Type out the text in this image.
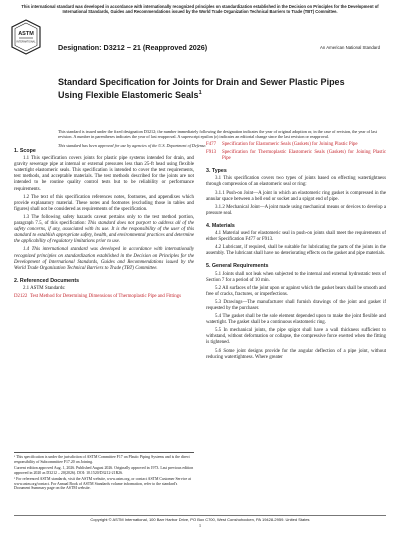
This international standard was developed in accordance with internationally recognized principles on standardization established in the Decision on Principles for the Development of International Standards, Guides and Recommendations issued by the World Trade Organization Technical Barriers to Trade (TBT) Committee.
ASTM
INTERNATIONAL
Designation: D3212 − 21 (Reapproved 2026)	An American National Standard
Standard Specification for Joints for Drain and Sewer Plastic Pipes Using Flexible Elastomeric Seals$^1$

This standard is issued under the fixed designation D3212; the number immediately following the designation indicates the year of original adoption or, in the case of revision, the year of last revision. A number in parentheses indicates the year of last reapproval. A superscript epsilon (ε) indicates an editorial change since the last revision or reapproval.

This standard has been approved for use by agencies of the U.S. Department of Defense.

1. Scope

1.1 This specification covers joints for plastic pipe systems intended for drain, and gravity sewerage pipe at internal or external pressures less than 25-ft head using flexible watertight elastomeric seals. This specification is intended to cover the test requirements, test methods, and acceptable materials. The test methods described for the joints are not intended to be routine quality control tests but to be reliability or performance requirements.

1.2 The text of this specification references notes, footnotes, and appendixes which provide explanatory material. These notes and footnotes (excluding those in tables and figures) shall not be considered as requirements of the specification.

1.3 The following safety hazards caveat pertains only to the test method portion, paragraph 7.5, of this specification: This standard does not purport to address all of the safety concerns, if any, associated with its use. It is the responsibility of the user of this standard to establish appropriate safety, health, and environmental practices and determine the applicability of regulatory limitations prior to use.

1.4 This international standard was developed in accordance with internationally recognized principles on standardization established in the Decision on Principles for the Development of International Standards, Guides and Recommendations issued by the World Trade Organization Technical Barriers to Trade (TBT) Committee.

2. Referenced Documents

2.1 ASTM Standards:

D2122 Test Method for Determining Dimensions of Thermoplastic Pipe and Fittings

¹ This specification is under the jurisdiction of ASTM Committee F17 on Plastic Piping Systems and is the direct responsibility of Subcommittee F17.20 on Joining.

Current edition approved Aug. 1, 2026. Published August 2026. Originally approved in 1973. Last previous edition approved in 2020 as D3212 – 20(2026). DOI: 10.1520/D3212-21R26.

² For referenced ASTM standards, visit the ASTM website, www.astm.org, or contact ASTM Customer Service at www.astm.org/contact. For Annual Book of ASTM Standards volume information, refer to the standard's Document Summary page on the ASTM website.

F477 Specification for Elastomeric Seals (Gaskets) for Joining Plastic Pipe

F913 Specification for Thermoplastic Elastomeric Seals (Gaskets) for Joining Plastic Pipe

3. Types

3.1 This specification covers two types of joints based on effecting watertightness through compression of an elastomeric seal or ring:

3.1.1 Push-on Joint—A joint in which an elastomeric ring gasket is compressed in the annular space between a bell end or socket and a spigot end of pipe.

3.1.2 Mechanical Joint—A joint made using mechanical means or devices to develop a pressure seal.

4. Materials

4.1 Material used for elastomeric seal in push-on joints shall meet the requirements of either Specification F477 or F913.

4.2 Lubricant, if required, shall be suitable for lubricating the parts of the joints in the assembly. The lubricant shall have no deteriorating effects on the gasket and pipe materials.

5. General Requirements

5.1 Joints shall not leak when subjected to the internal and external hydrostatic tests of Section 7 for a period of 10 min.

5.2 All surfaces of the joint upon or against which the gasket bears shall be smooth and free of cracks, fractures, or imperfections.

5.3 Drawings—The manufacturer shall furnish drawings of the joint and gasket if requested by the purchaser.

5.4 The gasket shall be the sole element depended upon to make the joint flexible and watertight. The gasket shall be a continuous elastomeric ring.

5.5 In mechanical joints, the pipe spigot shall have a wall thickness sufficient to withstand, without deformation or collapse, the compressive force exerted when the fitting is tightened.

5.6 Some joint designs provide for the angular deflection of a pipe joint, without reducing watertightness. Where greater

Copyright © ASTM International, 100 Barr Harbor Drive, PO Box C700, West Conshohocken, PA 19428-2959. United States
1
